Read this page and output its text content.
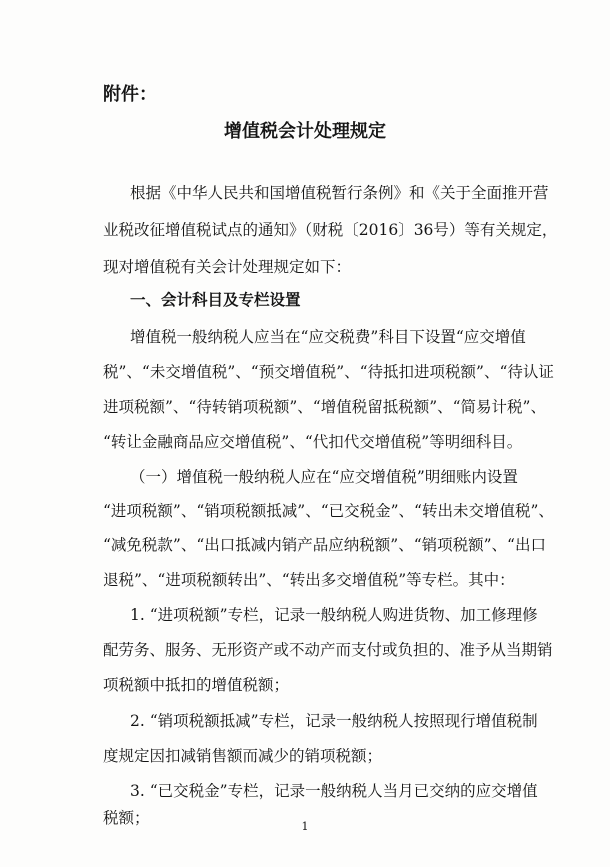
附件：
增值税会计处理规定
根据《中华人民共和国增值税暂行条例》和《关于全面推开营
业税改征增值税试点的通知》（财税〔2016〕36号）等有关规定，
现对增值税有关会计处理规定如下：
一、会计科目及专栏设置
增值税一般纳税人应当在“应交税费”科目下设置“应交增值
税”、“未交增值税”、“预交增值税”、“待抵扣进项税额”、“待认证
进项税额”、“待转销项税额”、“增值税留抵税额”、“简易计税”、
“转让金融商品应交增值税”、“代扣代交增值税”等明细科目。
（一）增值税一般纳税人应在“应交增值税”明细账内设置
“进项税额”、“销项税额抵减”、“已交税金”、“转出未交增值税”、
“减免税款”、“出口抵减内销产品应纳税额”、“销项税额”、“出口
退税”、“进项税额转出”、“转出多交增值税”等专栏。其中：
1. “进项税额”专栏，记录一般纳税人购进货物、加工修理修
配劳务、服务、无形资产或不动产而支付或负担的、准予从当期销
项税额中抵扣的增值税额；
2. “销项税额抵减”专栏，记录一般纳税人按照现行增值税制
度规定因扣减销售额而减少的销项税额；
3. “已交税金”专栏，记录一般纳税人当月已交纳的应交增值
税额；	1
